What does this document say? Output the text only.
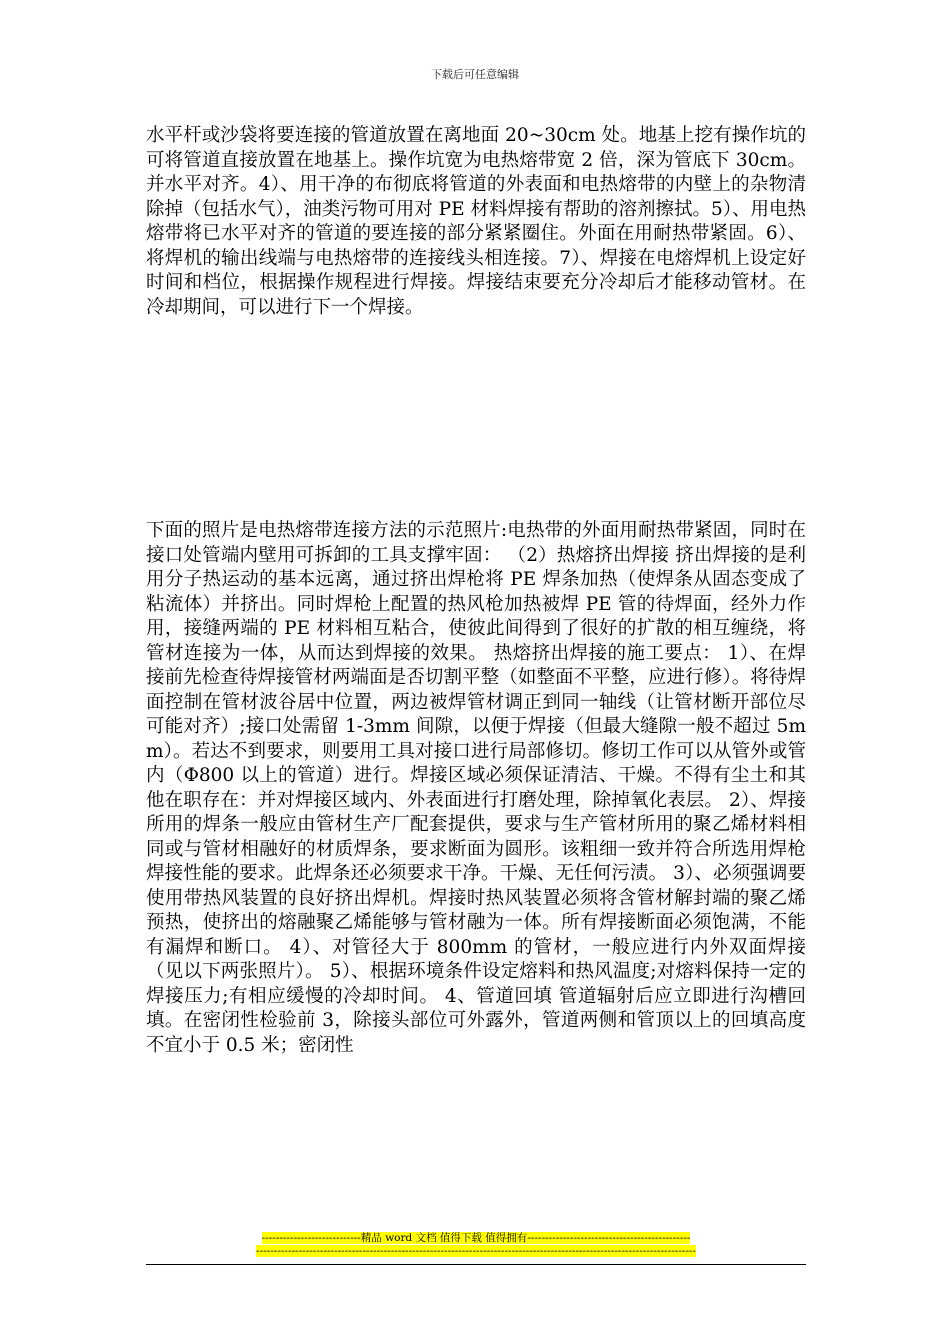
下载后可任意编辑

水平杆或沙袋将要连接的管道放置在离地面 20~30cm 处。地基上挖有操作坑的可将管道直接放置在地基上。操作坑宽为电热熔带宽 2 倍，深为管底下 30cm。并水平对齐。4）、用干净的布彻底将管道的外表面和电热熔带的内壁上的杂物清除掉（包括水气），油类污物可用对 PE 材料焊接有帮助的溶剂擦拭。5）、用电热熔带将已水平对齐的管道的要连接的部分紧紧圈住。外面在用耐热带紧固。6）、将焊机的输出线端与电热熔带的连接线头相连接。7）、焊接在电熔焊机上设定好时间和档位，根据操作规程进行焊接。焊接结束要充分冷却后才能移动管材。在冷却期间，可以进行下一个焊接。

下面的照片是电热熔带连接方法的示范照片:电热带的外面用耐热带紧固，同时在接口处管端内壁用可拆卸的工具支撑牢固： （2）热熔挤出焊接 挤出焊接的是利用分子热运动的基本远离，通过挤出焊枪将 PE 焊条加热（使焊条从固态变成了粘流体）并挤出。同时焊枪上配置的热风枪加热被焊 PE 管的待焊面，经外力作用，接缝两端的 PE 材料相互粘合，使彼此间得到了很好的扩散的相互缠绕，将管材连接为一体，从而达到焊接的效果。 热熔挤出焊接的施工要点： 1）、在焊接前先检查待焊接管材两端面是否切割平整（如整面不平整，应进行修）。将待焊面控制在管材波谷居中位置，两边被焊管材调正到同一轴线（让管材断开部位尽可能对齐）;接口处需留 1-3mm 间隙，以便于焊接（但最大缝隙一般不超过 5mm）。若达不到要求，则要用工具对接口进行局部修切。修切工作可以从管外或管内（Φ800 以上的管道）进行。焊接区域必须保证清洁、干燥。不得有尘土和其他在职存在：并对焊接区域内、外表面进行打磨处理，除掉氧化表层。 2）、焊接所用的焊条一般应由管材生产厂配套提供，要求与生产管材所用的聚乙烯材料相同或与管材相融好的材质焊条，要求断面为圆形。该粗细一致并符合所选用焊枪焊接性能的要求。此焊条还必须要求干净。干燥、无任何污渍。 3）、必须强调要使用带热风装置的良好挤出焊机。焊接时热风装置必须将含管材解封端的聚乙烯预热，使挤出的熔融聚乙烯能够与管材融为一体。所有焊接断面必须饱满，不能有漏焊和断口。 4）、对管径大于 800mm 的管材，一般应进行内外双面焊接（见以下两张照片）。 5）、根据环境条件设定熔料和热风温度;对熔料保持一定的焊接压力;有相应缓慢的冷却时间。 4、管道回填 管道辐射后应立即进行沟槽回填。在密闭性检验前 3，除接头部位可外露外，管道两侧和管顶以上的回填高度不宜小于 0.5 米；密闭性

----------------------------精品 word 文档 值得下载 值得拥有----------------------------------------------
----------------------------------------------------------------------------------------------------------------------------
